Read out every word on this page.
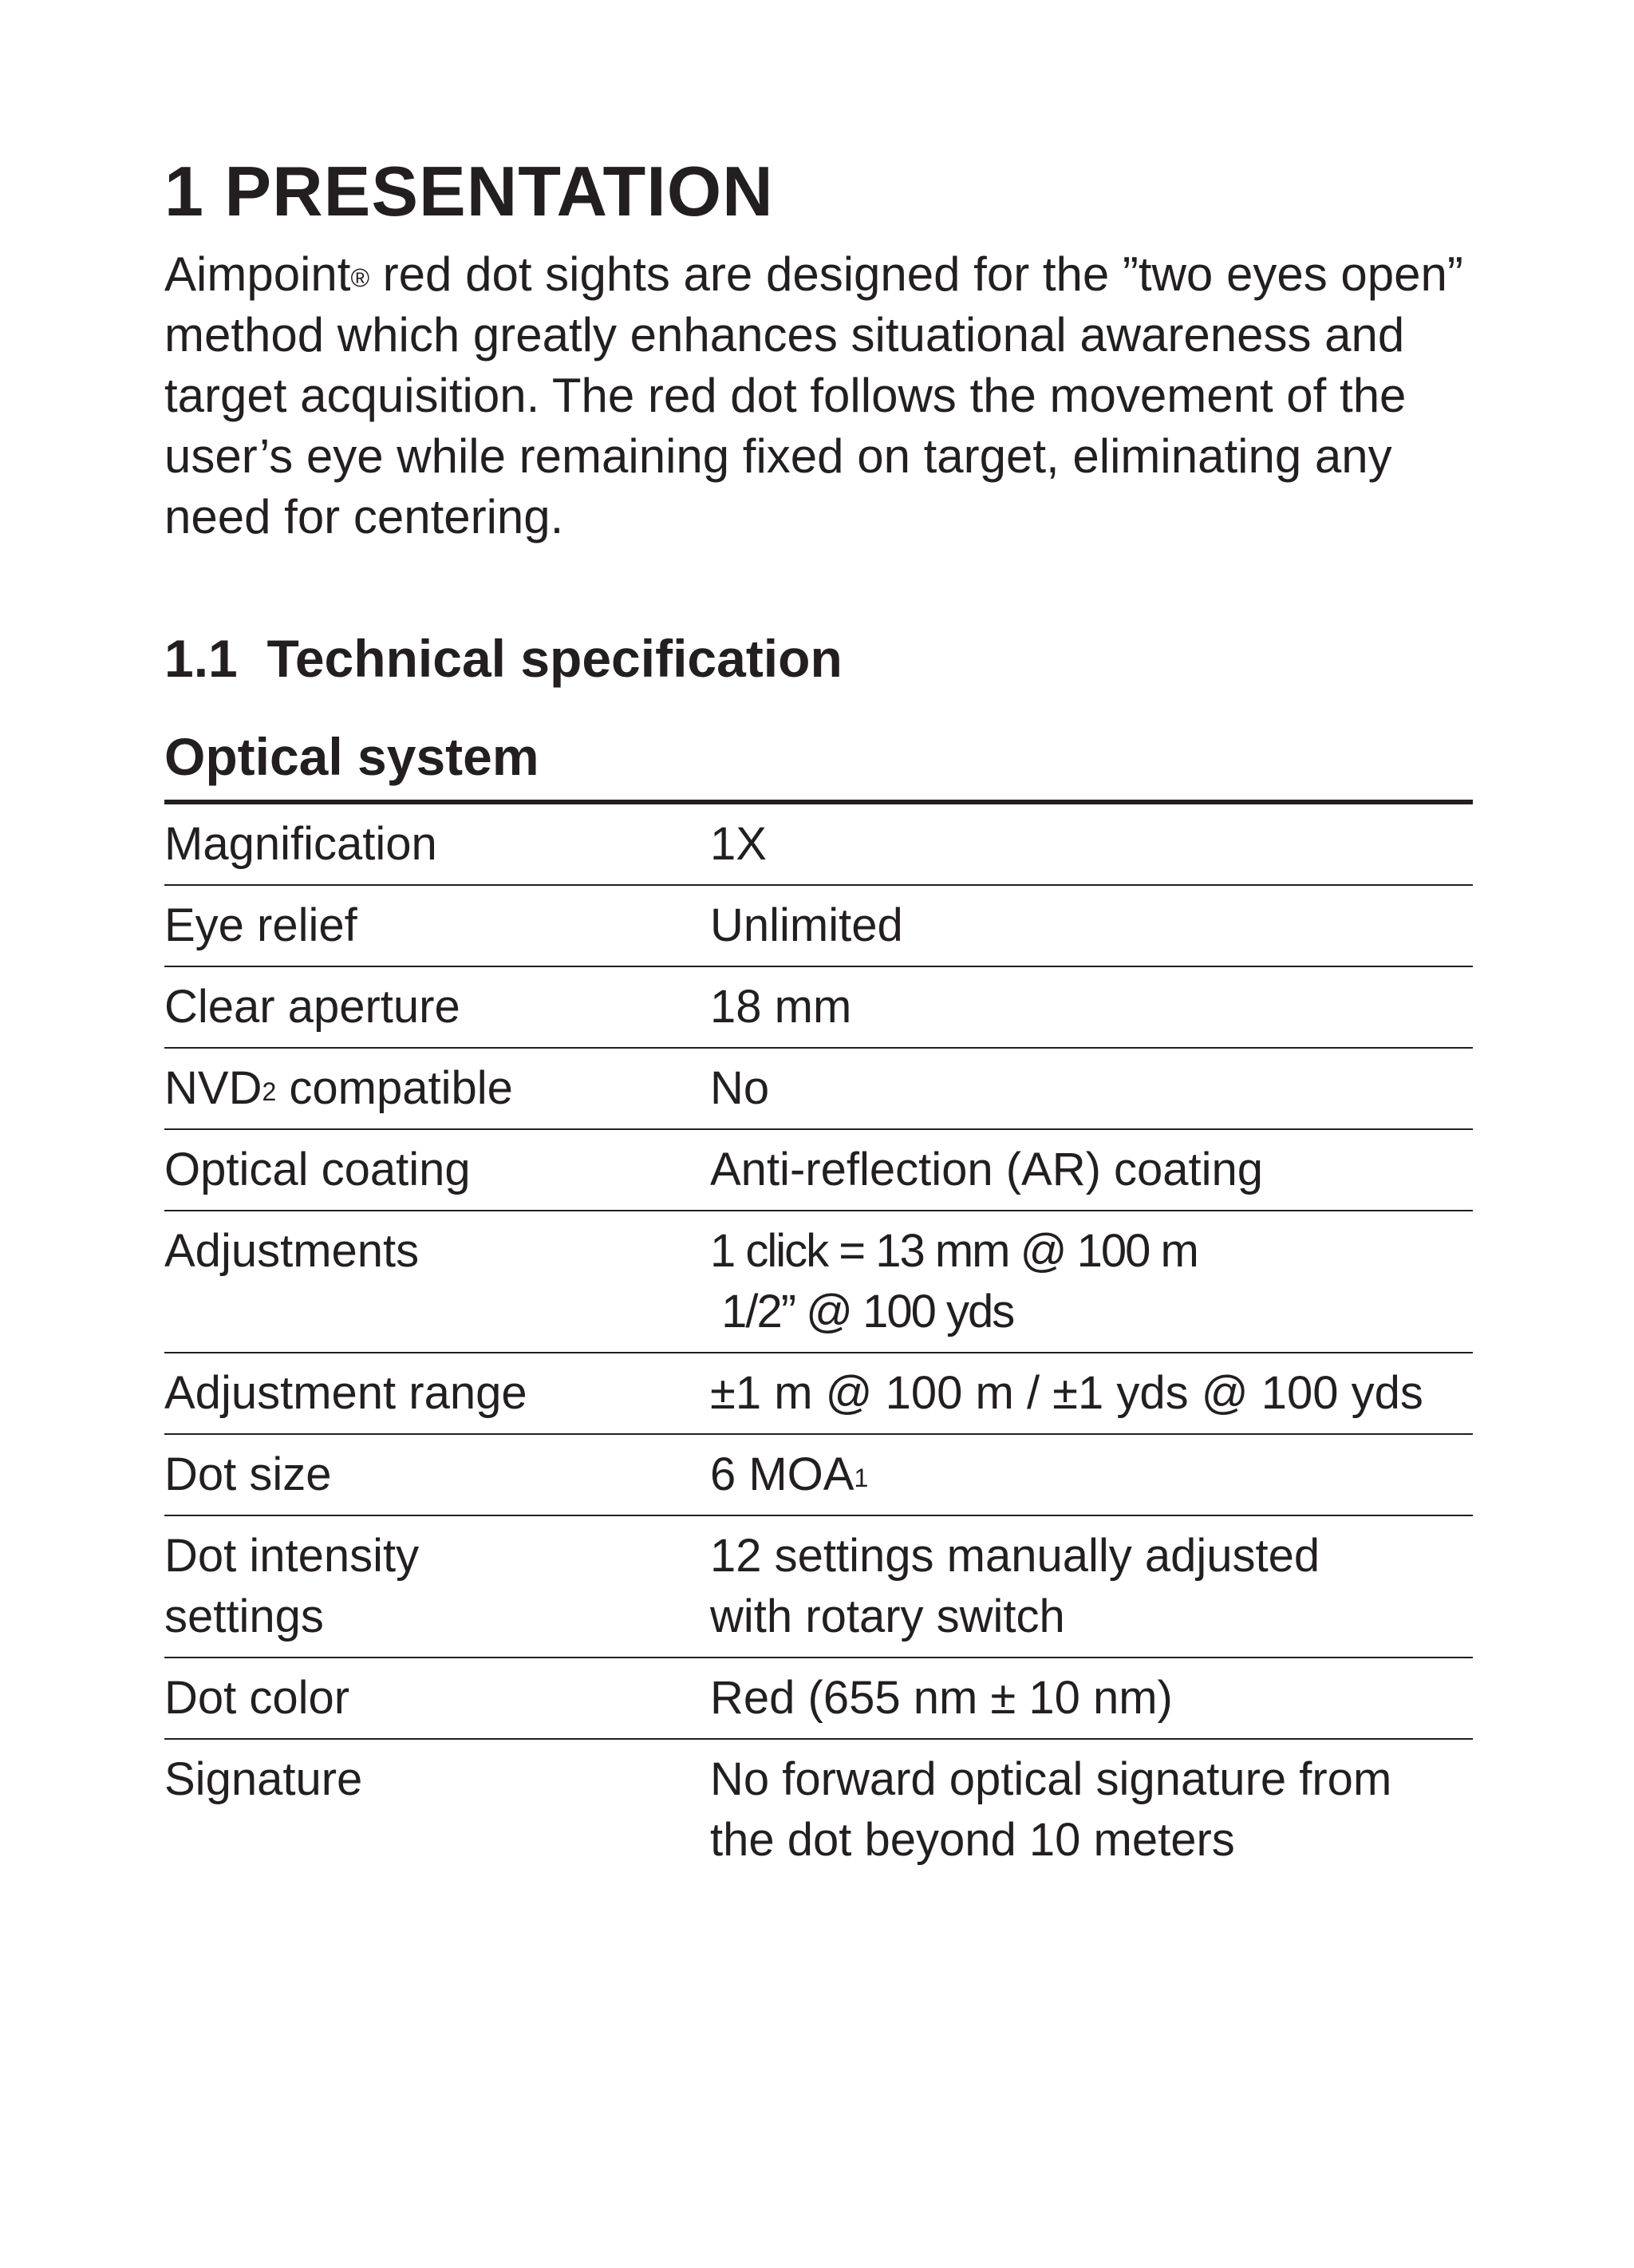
1 PRESENTATION

Aimpoint® red dot sights are designed for the ”two eyes open” method which greatly enhances situational awareness and target acquisition. The red dot follows the movement of the user’s eye while remaining fixed on target, eliminating any need for centering.

1.1 Technical specification
Optical system
Magnification	1X
Eye relief	Unlimited
Clear aperture	18 mm
NVD$^2$ compatible	No
Optical coating	Anti-reflection (AR) coating
Adjustments	1 click = 13 mm @ 100 m
1/2” @ 100 yds

Adjustment range	±1 m @ 100 m / ±1 yds @ 100 yds
Dot size	6 MOA$^1$

Dot intensity
settings	12 settings manually adjusted
with rotary switch

Dot color	Red (655 nm ± 10 nm)
Signature	No forward optical signature from
the dot beyond 10 meters
